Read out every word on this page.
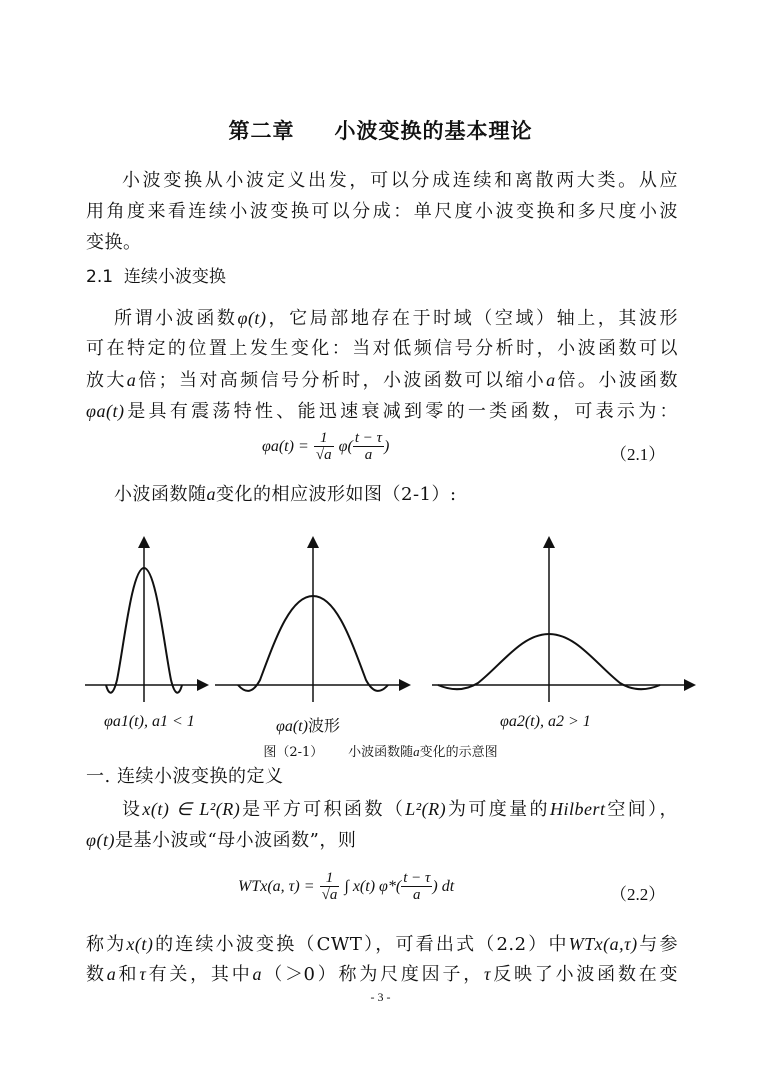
第二章 小波变换的基本理论
小波变换从小波定义出发，可以分成连续和离散两大类。从应
用角度来看连续小波变换可以分成：单尺度小波变换和多尺度小波
变换。
2.1 连续小波变换
所谓小波函数φ(t)，它局部地存在于时域（空域）轴上，其波形
可在特定的位置上发生变化：当对低频信号分析时，小波函数可以
放大a倍；当对高频信号分析时，小波函数可以缩小a倍。小波函数
φa(t)是具有震荡特性、能迅速衰减到零的一类函数，可表示为：
$\varphi a(t) = \frac{1}{√a} \varphi( \frac{t - \tau}{a}$ )	（2.1）
小波函数随a变化的相应波形如图（2-1）:
φa1(t), a1 < 1	φa(t)波形	φa2(t), a2 > 1
图（2-1） 小波函数随a变化的示意图
一. 连续小波变换的定义
设x(t) ∈ L²(R)是平方可积函数（L²(R)为可度量的Hilbert空间），
φ(t)是基小波或“母小波函数”，则
WTx(a, $\tau) = \frac{1}{√a}$ ∫ x(t) $\varphi*( \frac{t - \tau}{a}$ ) dt	（2.2）
称为x(t)的连续小波变换（CWT），可看出式（2.2）中WTx(a,τ)与参
数a和τ有关，其中a（＞0）称为尺度因子，τ反映了小波函数在变
- 3 -
